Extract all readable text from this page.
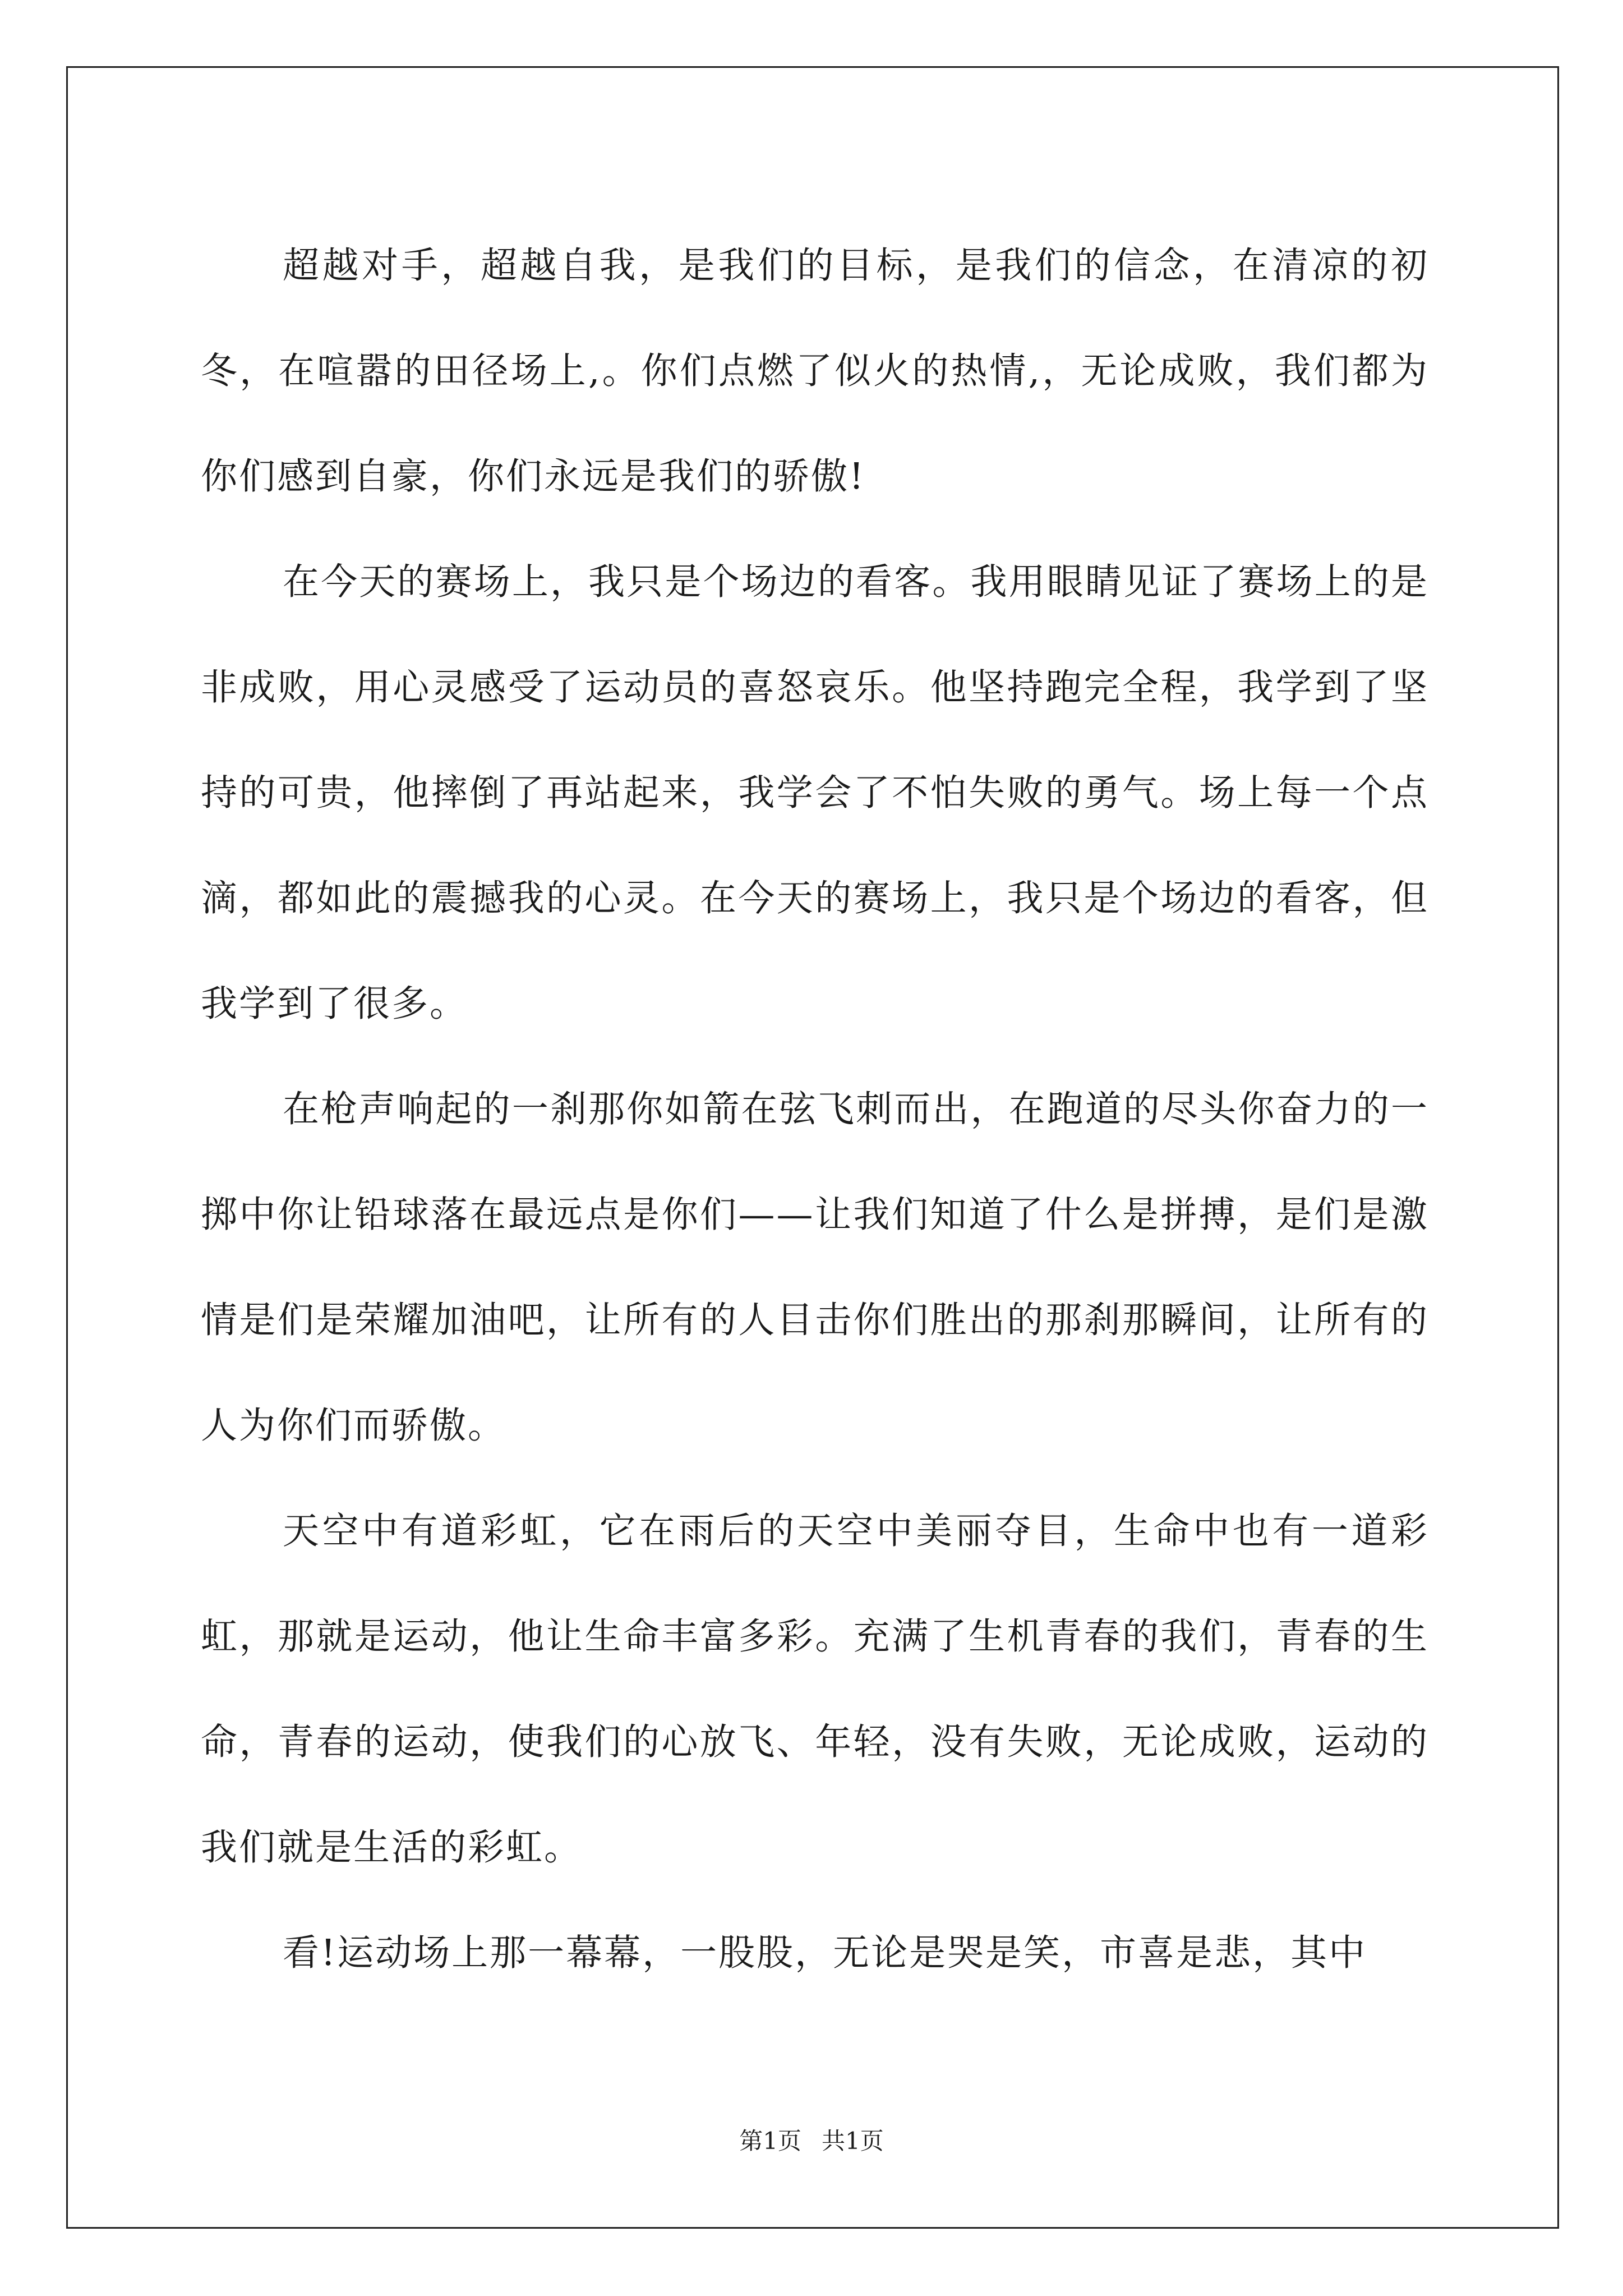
超越对手，超越自我，是我们的目标，是我们的信念，在清凉的初冬，在喧嚣的田径场上,。你们点燃了似火的热情,，无论成败，我们都为你们感到自豪，你们永远是我们的骄傲!

在今天的赛场上，我只是个场边的看客。我用眼睛见证了赛场上的是非成败，用心灵感受了运动员的喜怒哀乐。他坚持跑完全程，我学到了坚持的可贵，他摔倒了再站起来，我学会了不怕失败的勇气。场上每一个点滴，都如此的震撼我的心灵。在今天的赛场上，我只是个场边的看客，但我学到了很多。

在枪声响起的一刹那你如箭在弦飞刺而出，在跑道的尽头你奋力的一掷中你让铅球落在最远点是你们——让我们知道了什么是拼搏，是们是激情是们是荣耀加油吧，让所有的人目击你们胜出的那刹那瞬间，让所有的人为你们而骄傲。

天空中有道彩虹，它在雨后的天空中美丽夺目，生命中也有一道彩虹，那就是运动，他让生命丰富多彩。充满了生机青春的我们，青春的生命，青春的运动，使我们的心放飞、年轻，没有失败，无论成败，运动的我们就是生活的彩虹。

看!运动场上那一幕幕，一股股，无论是哭是笑，市喜是悲，其中

第1页 共1页
